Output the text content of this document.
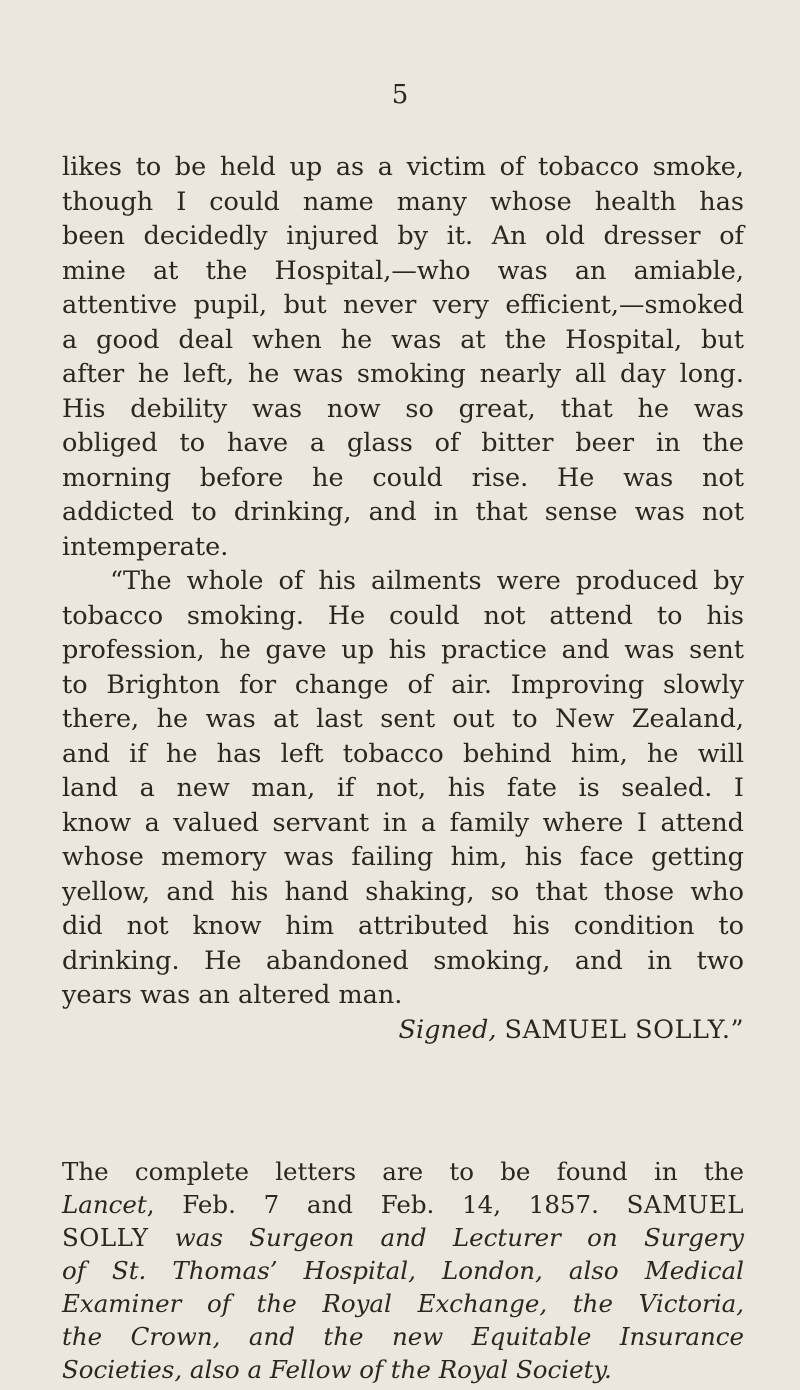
5
likes to be held up as a victim of tobacco smoke,
though I could name many whose health has
been decidedly injured by it. An old dresser of
mine at the Hospital,—who was an amiable,
attentive pupil, but never very efficient,—smoked
a good deal when he was at the Hospital, but
after he left, he was smoking nearly all day long.
His debility was now so great, that he was
obliged to have a glass of bitter beer in the
morning before he could rise. He was not
addicted to drinking, and in that sense was not
intemperate.
“The whole of his ailments were produced by
tobacco smoking. He could not attend to his
profession, he gave up his practice and was sent
to Brighton for change of air. Improving slowly
there, he was at last sent out to New Zealand,
and if he has left tobacco behind him, he will
land a new man, if not, his fate is sealed. I
know a valued servant in a family where I attend
whose memory was failing him, his face getting
yellow, and his hand shaking, so that those who
did not know him attributed his condition to
drinking. He abandoned smoking, and in two
years was an altered man.
Signed, SAMUEL SOLLY.”
The complete letters are to be found in the
Lancet, Feb. 7 and Feb. 14, 1857. SAMUEL
SOLLY was Surgeon and Lecturer on Surgery
of St. Thomas’ Hospital, London, also Medical
Examiner of the Royal Exchange, the Victoria,
the Crown, and the new Equitable Insurance
Societies, also a Fellow of the Royal Society.
